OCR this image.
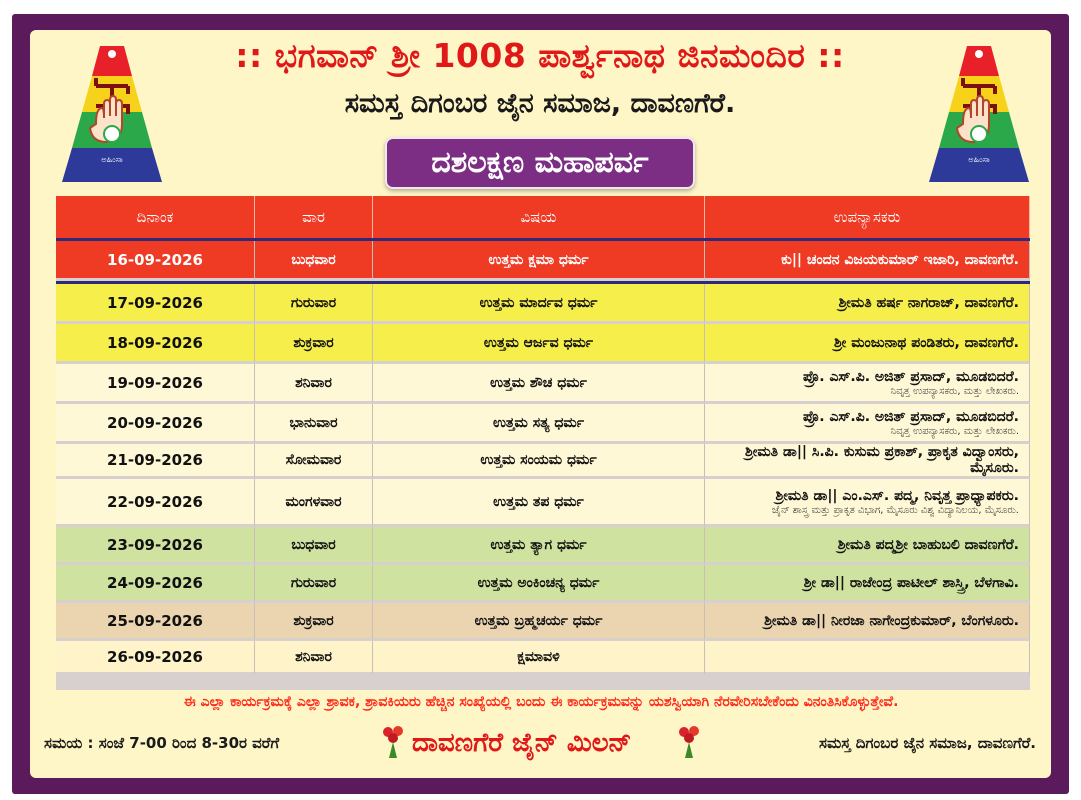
ಅಹಿಂಸಾ	ಅಹಿಂಸಾ
:: ಭಗವಾನ್ ಶ್ರೀ 1008 ಪಾರ್ಶ್ವನಾಥ ಜಿನಮಂದಿರ ::
ಸಮಸ್ತ ದಿಗಂಬರ ಜೈನ ಸಮಾಜ, ದಾವಣಗೆರೆ.
ದಶಲಕ್ಷಣ ಮಹಾಪರ್ವ
ದಿನಾಂಕ	ವಾರ	ವಿಷಯ	ಉಪನ್ಯಾಸಕರು

16-09-2026	ಬುಧವಾರ	ಉತ್ತಮ ಕ್ಷಮಾ ಧರ್ಮ	ಕು|| ಚಂದನ ವಿಜಯಕುಮಾರ್ ಇಜಾರಿ, ದಾವಣಗೆರೆ.

17-09-2026	ಗುರುವಾರ	ಉತ್ತಮ ಮಾರ್ದವ ಧರ್ಮ	ಶ್ರೀಮತಿ ಹರ್ಷ ನಾಗರಾಜ್, ದಾವಣಗೆರೆ.
18-09-2026	ಶುಕ್ರವಾರ	ಉತ್ತಮ ಆರ್ಜವ ಧರ್ಮ	ಶ್ರೀ ಮಂಜುನಾಥ ಪಂಡಿತರು, ದಾವಣಗೆರೆ.
19-09-2026	ಶನಿವಾರ	ಉತ್ತಮ ಶೌಚ ಧರ್ಮ	ಪ್ರೊ. ಎಸ್.ಪಿ. ಅಜಿತ್ ಪ್ರಸಾದ್, ಮೂಡಬಿದರೆ.
ನಿವೃತ್ತ ಉಪನ್ಯಾಸಕರು, ಮತ್ತು ಲೇಖಕರು.

20-09-2026	ಭಾನುವಾರ	ಉತ್ತಮ ಸತ್ಯ ಧರ್ಮ	ಪ್ರೊ. ಎಸ್.ಪಿ. ಅಜಿತ್ ಪ್ರಸಾದ್, ಮೂಡಬಿದರೆ.
ನಿವೃತ್ತ ಉಪನ್ಯಾಸಕರು, ಮತ್ತು ಲೇಖಕರು.

21-09-2026	ಸೋಮವಾರ	ಉತ್ತಮ ಸಂಯಮ ಧರ್ಮ	ಶ್ರೀಮತಿ ಡಾ|| ಸಿ.ಪಿ. ಕುಸುಮ ಪ್ರಕಾಶ್, ಪ್ರಾಕೃತ ವಿದ್ವಾಂಸರು, ಮೈಸೂರು.
22-09-2026	ಮಂಗಳವಾರ	ಉತ್ತಮ ತಪ ಧರ್ಮ	ಶ್ರೀಮತಿ ಡಾ|| ಎಂ.ಎಸ್. ಪದ್ಮ, ನಿವೃತ್ತ ಪ್ರಾಧ್ಯಾಪಕರು.
ಜೈನ್ ಶಾಸ್ತ್ರ ಮತ್ತು ಪ್ರಾಕೃತ ವಿಭಾಗ, ಮೈಸೂರು ವಿಶ್ವ ವಿದ್ಯಾನಿಲಯ, ಮೈಸೂರು.

23-09-2026	ಬುಧವಾರ	ಉತ್ತಮ ತ್ಯಾಗ ಧರ್ಮ	ಶ್ರೀಮತಿ ಪದ್ಮಶ್ರೀ ಬಾಹುಬಲಿ ದಾವಣಗೆರೆ.
24-09-2026	ಗುರುವಾರ	ಉತ್ತಮ ಅಂಕಿಂಚನ್ಯ ಧರ್ಮ	ಶ್ರೀ ಡಾ|| ರಾಜೇಂದ್ರ ಪಾಟೀಲ್ ಶಾಸ್ತ್ರಿ, ಬೆಳಗಾವಿ.
25-09-2026	ಶುಕ್ರವಾರ	ಉತ್ತಮ ಬ್ರಹ್ಮಚರ್ಯ ಧರ್ಮ	ಶ್ರೀಮತಿ ಡಾ|| ನೀರಜಾ ನಾಗೇಂದ್ರಕುಮಾರ್, ಬೆಂಗಳೂರು.
26-09-2026	ಶನಿವಾರ	ಕ್ಷಮಾವಳಿ	
ಈ ಎಲ್ಲಾ ಕಾರ್ಯಕ್ರಮಕ್ಕೆ ಎಲ್ಲಾ ಶ್ರಾವಕ, ಶ್ರಾವಕಿಯರು ಹೆಚ್ಚಿನ ಸಂಖ್ಯೆಯಲ್ಲಿ ಬಂದು ಈ ಕಾರ್ಯಕ್ರಮವನ್ನು ಯಶಸ್ವಿಯಾಗಿ ನೆರವೇರಿಸಬೇಕೆಂದು ವಿನಂತಿಸಿಕೊಳ್ಳುತ್ತೇವೆ.
ಸಮಯ : ಸಂಜೆ 7-00 ರಿಂದ 8-30ರ ವರೆಗೆ	ದಾವಣಗೆರೆ ಜೈನ್ ಮಿಲನ್	ಸಮಸ್ತ ದಿಗಂಬರ ಜೈನ ಸಮಾಜ, ದಾವಣಗೆರೆ.
